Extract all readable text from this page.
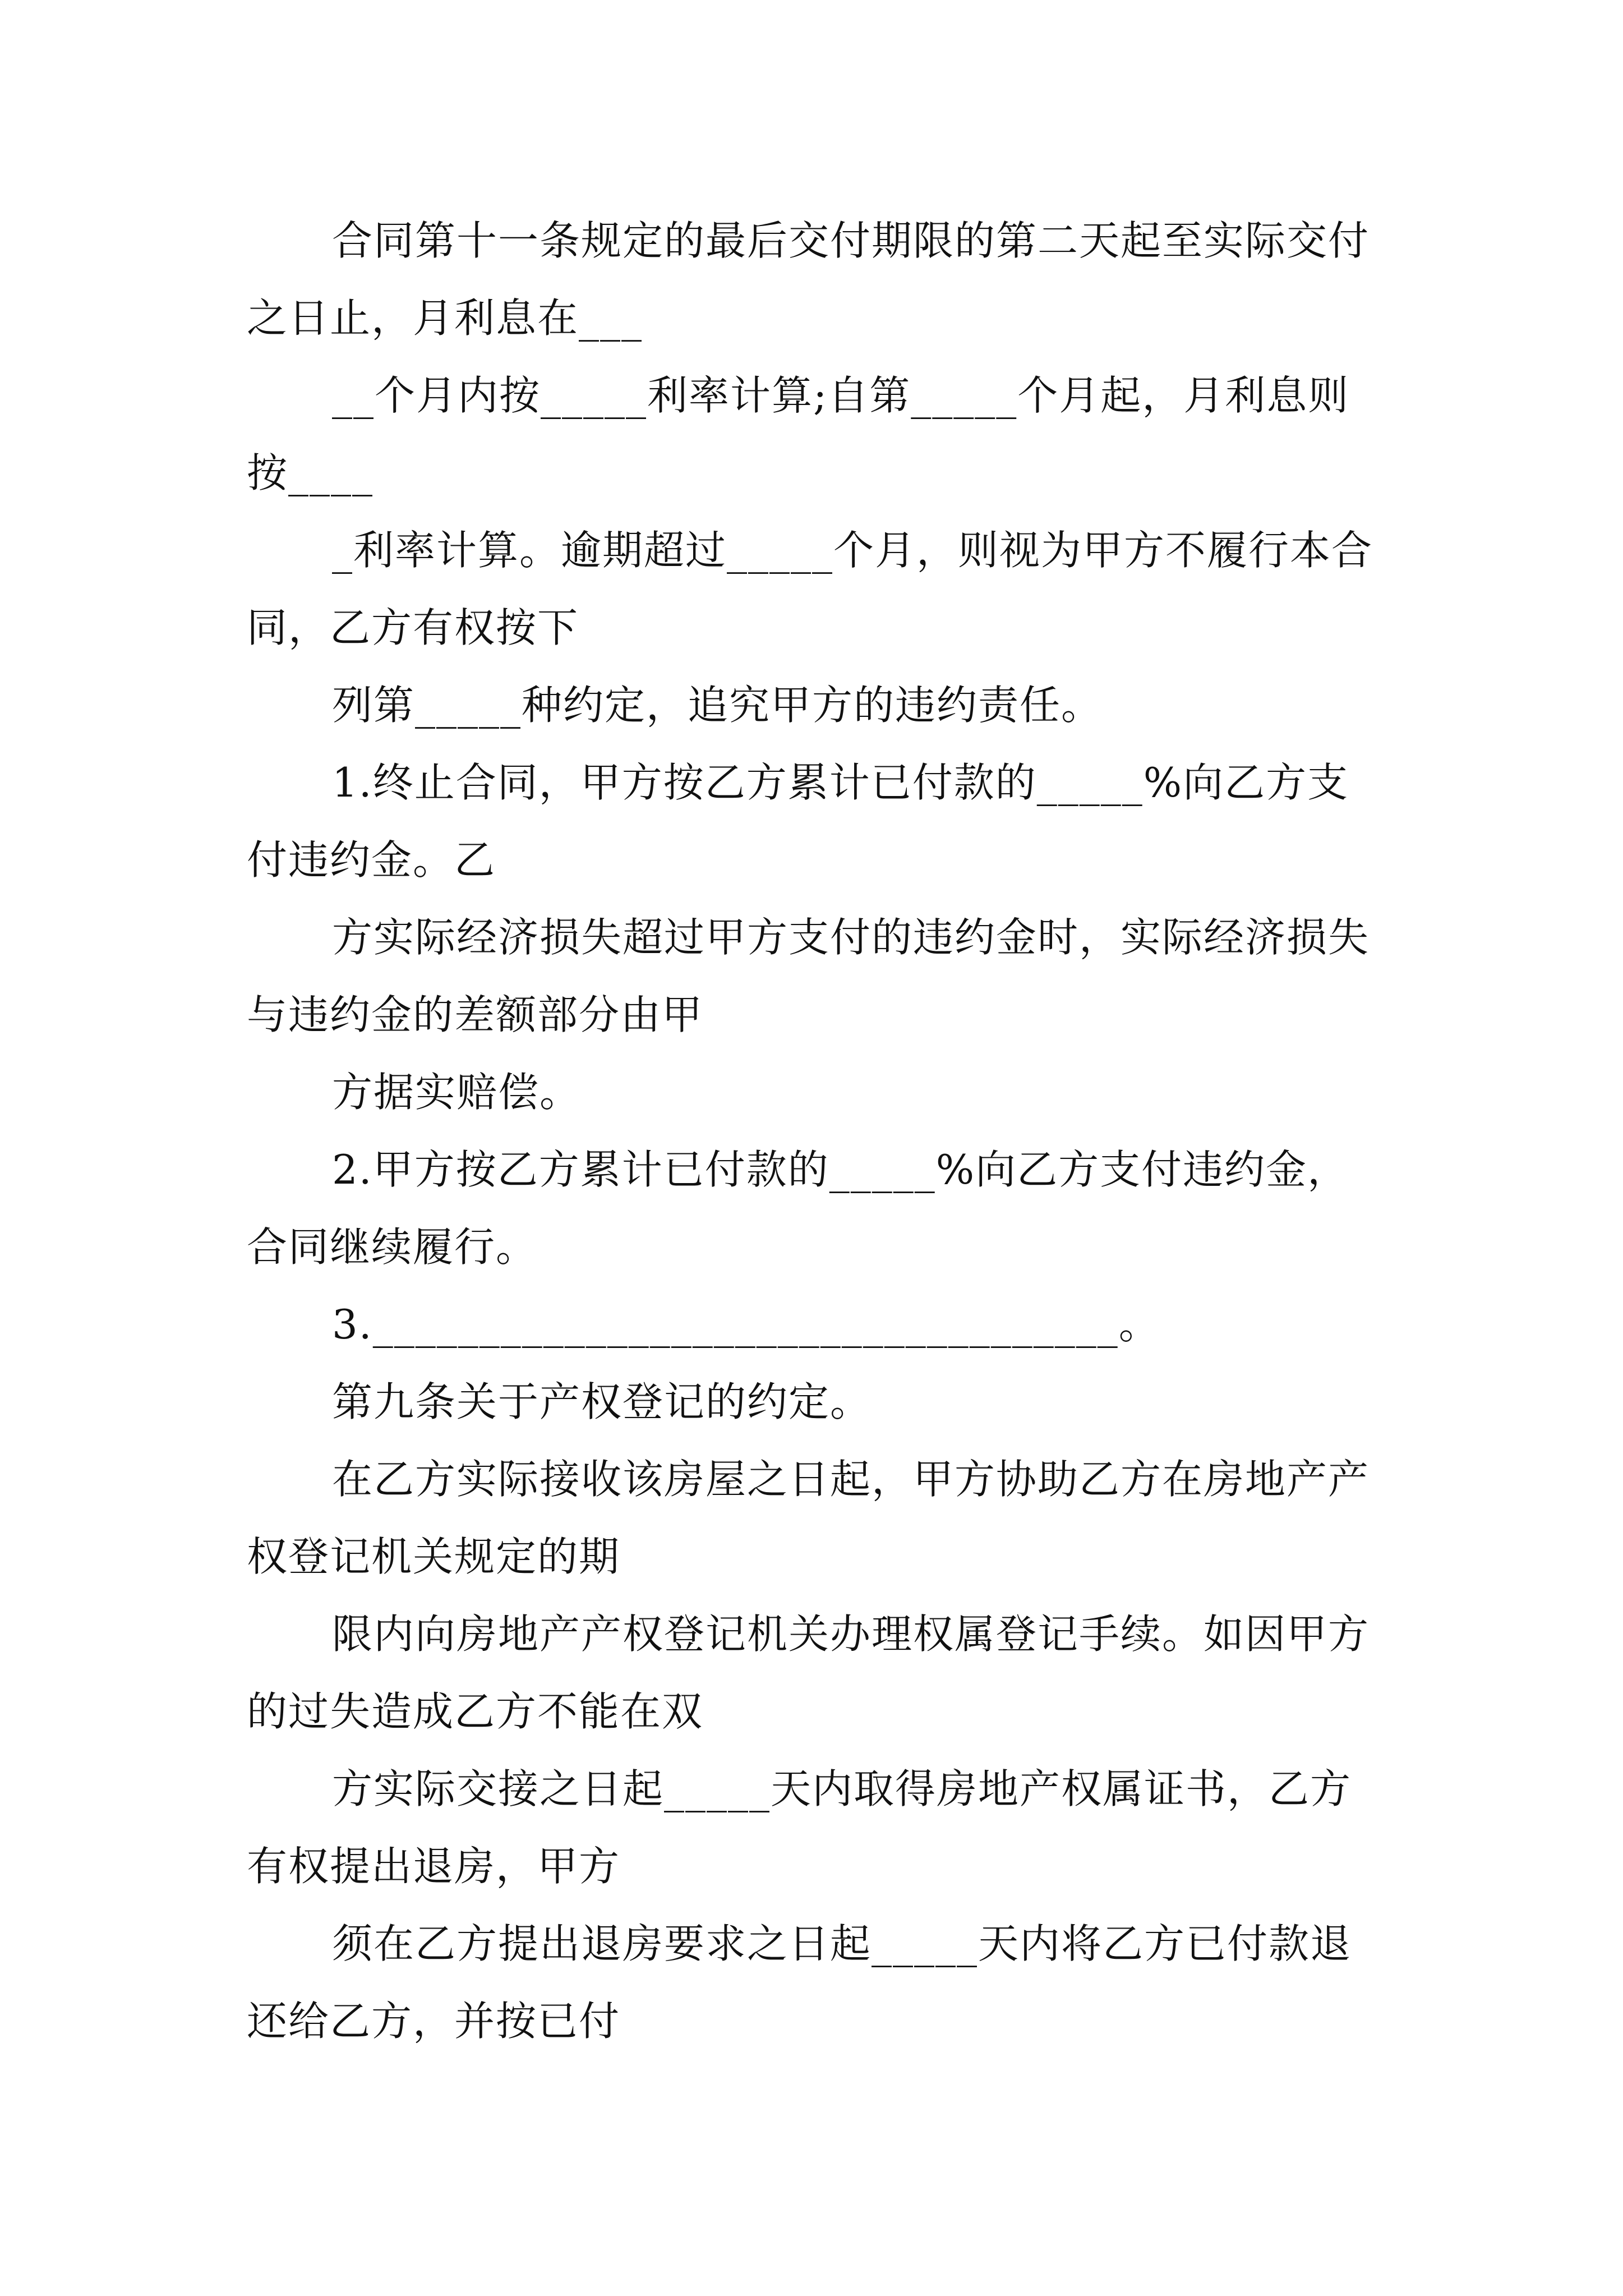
合同第十一条规定的最后交付期限的第二天起至实际交付之日止，月利息在___

__个月内按_____利率计算;自第_____个月起，月利息则按____

_利率计算。逾期超过_____个月，则视为甲方不履行本合同，乙方有权按下

列第_____种约定，追究甲方的违约责任。

1.终止合同，甲方按乙方累计已付款的_____%向乙方支付违约金。乙

方实际经济损失超过甲方支付的违约金时，实际经济损失与违约金的差额部分由甲

方据实赔偿。

2.甲方按乙方累计已付款的_____%向乙方支付违约金，合同继续履行。

3.___________________________________。

第九条关于产权登记的约定。

在乙方实际接收该房屋之日起，甲方协助乙方在房地产产权登记机关规定的期

限内向房地产产权登记机关办理权属登记手续。如因甲方的过失造成乙方不能在双

方实际交接之日起_____天内取得房地产权属证书，乙方有权提出退房，甲方

须在乙方提出退房要求之日起_____天内将乙方已付款退还给乙方，并按已付
